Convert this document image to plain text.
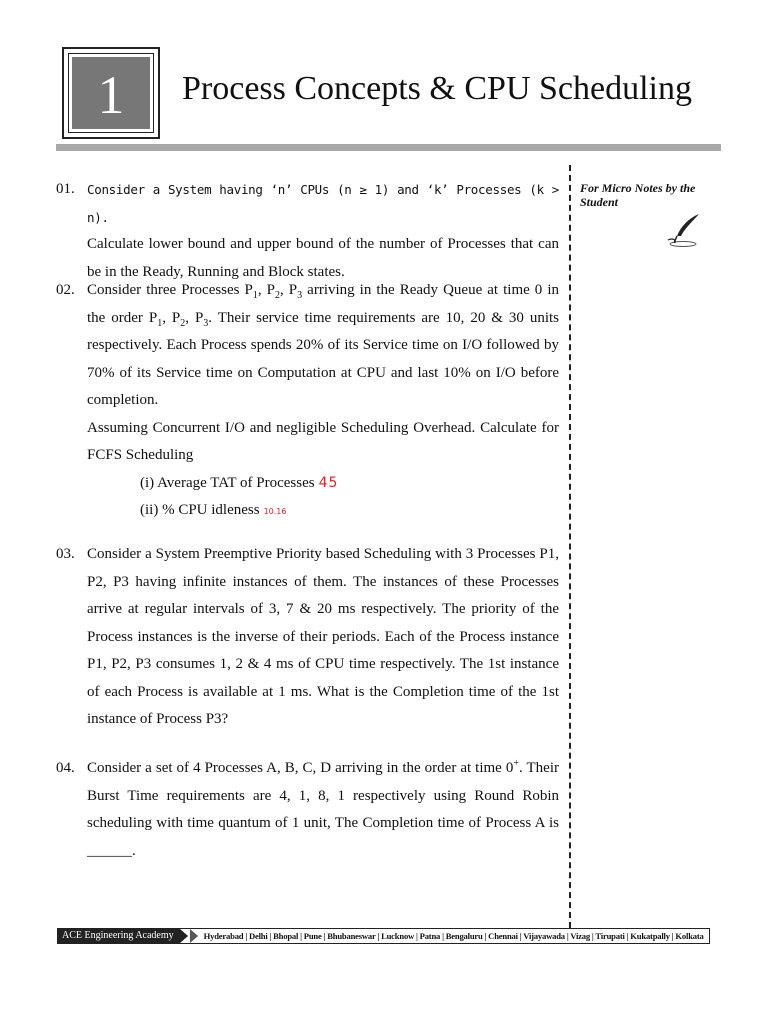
1	Process Concepts & CPU Scheduling
For Micro Notes by the Student
01. Consider a System having ‘n’ CPUs (n ≥ 1) and ‘k’ Processes (k > n).
Calculate lower bound and upper bound of the number of Processes that can be in the Ready, Running and Block states.
02. Consider three Processes $P_1$, $P_2$, $P_3$ arriving in the Ready Queue at time 0 in the order $P_1$, $P_2$, $P_3$. Their service time requirements are 10, 20 & 30 units respectively. Each Process spends 20% of its Service time on I/O followed by 70% of its Service time on Computation at CPU and last 10% on I/O before completion.
Assuming Concurrent I/O and negligible Scheduling Overhead. Calculate for FCFS Scheduling
(i) Average TAT of Processes 45
(ii) % CPU idleness 10.16
03. Consider a System Preemptive Priority based Scheduling with 3 Processes P1, P2, P3 having infinite instances of them. The instances of these Processes arrive at regular intervals of 3, 7 & 20 ms respectively. The priority of the Process instances is the inverse of their periods. Each of the Process instance P1, P2, P3 consumes 1, 2 & 4 ms of CPU time respectively. The 1st instance of each Process is available at 1 ms. What is the Completion time of the 1st instance of Process P3?
04. Consider a set of 4 Processes A, B, C, D arriving in the order at time 0+. Their Burst Time requirements are 4, 1, 8, 1 respectively using Round Robin scheduling with time quantum of 1 unit, The Completion time of Process A is ______.
ACE Engineering Academy	Hyderabad | Delhi | Bhopal | Pune | Bhubaneswar | Lucknow | Patna | Bengaluru | Chennai | Vijayawada | Vizag | Tirupati | Kukatpally | Kolkata
